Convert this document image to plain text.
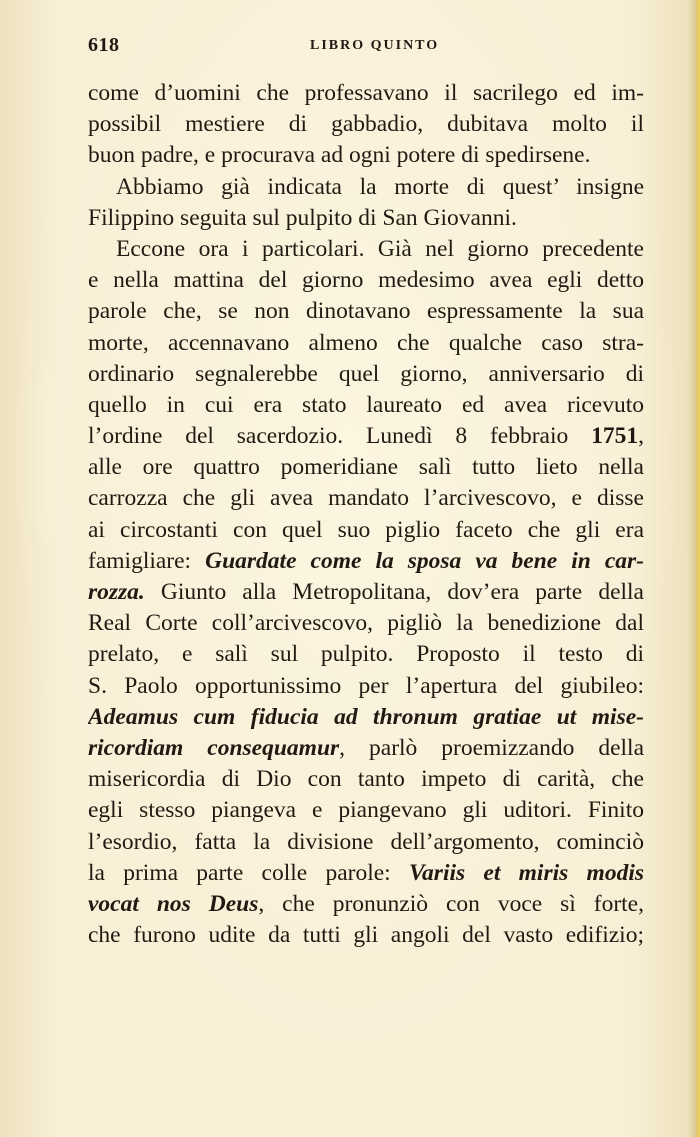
618	LIBRO QUINTO
come d’uomini che professavano il sacrilego ed im-
possibil mestiere di gabbadio, dubitava molto il
buon padre, e procurava ad ogni potere di spedirsene.
Abbiamo già indicata la morte di quest’ insigne
Filippino seguita sul pulpito di San Giovanni.
Eccone ora i particolari. Già nel giorno precedente
e nella mattina del giorno medesimo avea egli detto
parole che, se non dinotavano espressamente la sua
morte, accennavano almeno che qualche caso stra-
ordinario segnalerebbe quel giorno, anniversario di
quello in cui era stato laureato ed avea ricevuto
l’ordine del sacerdozio. Lunedì 8 febbraio 1751,
alle ore quattro pomeridiane salì tutto lieto nella
carrozza che gli avea mandato l’arcivescovo, e disse
ai circostanti con quel suo piglio faceto che gli era
famigliare: Guardate come la sposa va bene in car-
rozza. Giunto alla Metropolitana, dov’era parte della
Real Corte coll’arcivescovo, pigliò la benedizione dal
prelato, e salì sul pulpito. Proposto il testo di
S. Paolo opportunissimo per l’apertura del giubileo:
Adeamus cum fiducia ad thronum gratiae ut mise-
ricordiam consequamur, parlò proemizzando della
misericordia di Dio con tanto impeto di carità, che
egli stesso piangeva e piangevano gli uditori. Finito
l’esordio, fatta la divisione dell’argomento, cominciò
la prima parte colle parole: Variis et miris modis
vocat nos Deus, che pronunziò con voce sì forte,
che furono udite da tutti gli angoli del vasto edifizio;
